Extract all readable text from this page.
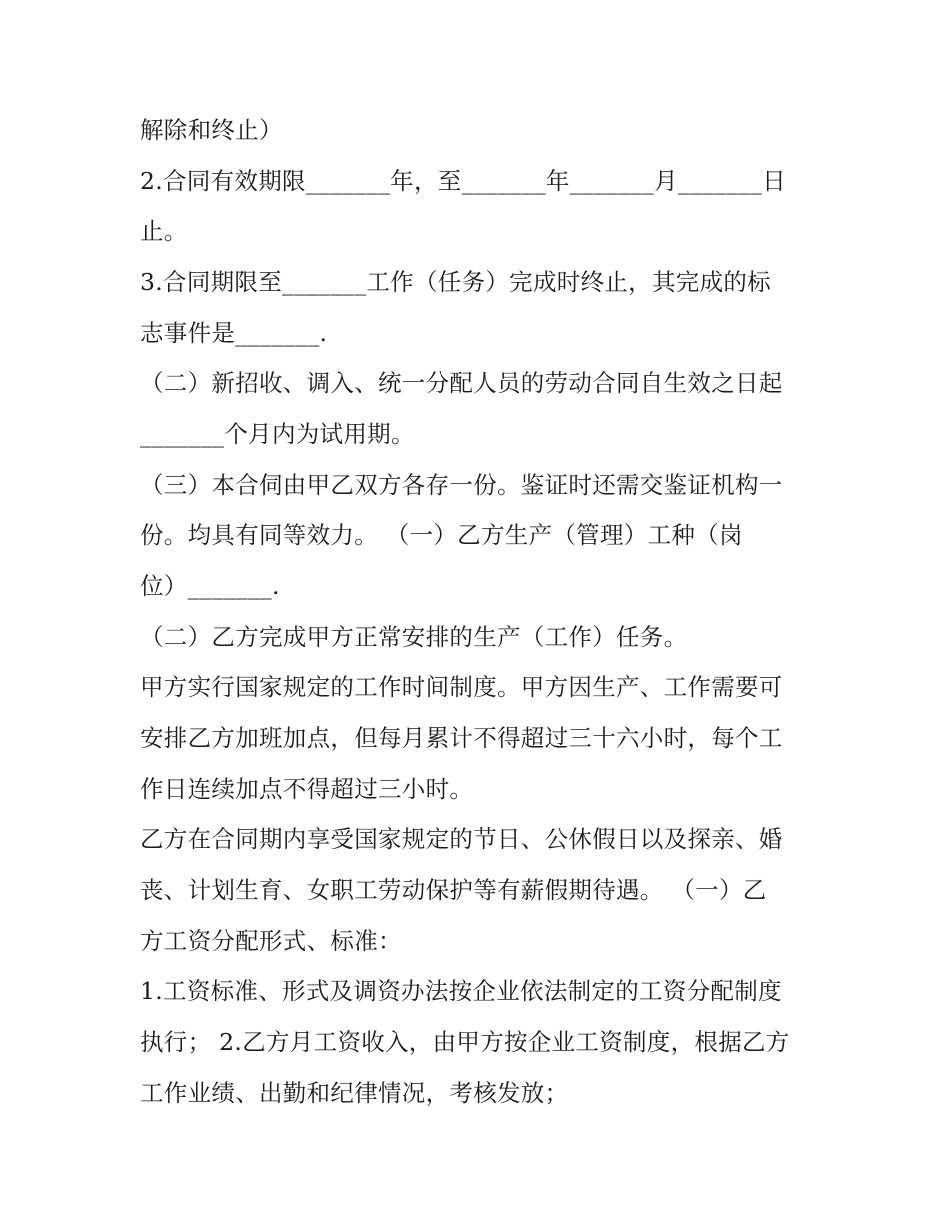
解除和终止）
2.合同有效期限_______年，至_______年_______月_______日
止。
3.合同期限至_______工作（任务）完成时终止，其完成的标
志事件是_______.
（二）新招收、调入、统一分配人员的劳动合同自生效之日起
_______个月内为试用期。
（三）本合伺由甲乙双方各存一份。鉴证时还需交鉴证机构一
份。均具有同等效力。 （一）乙方生产（管理）工种（岗
位）_______.
（二）乙方完成甲方正常安排的生产（工作）任务。
甲方实行国家规定的工作时间制度。甲方因生产、工作需要可
安排乙方加班加点，但每月累计不得超过三十六小时，每个工
作日连续加点不得超过三小时。
乙方在合同期内享受国家规定的节日、公休假日以及探亲、婚
丧、计划生育、女职工劳动保护等有薪假期待遇。 （一）乙
方工资分配形式、标准：
1.工资标准、形式及调资办法按企业依法制定的工资分配制度
执行； 2.乙方月工资收入，由甲方按企业工资制度，根据乙方
工作业绩、出勤和纪律情况，考核发放；
